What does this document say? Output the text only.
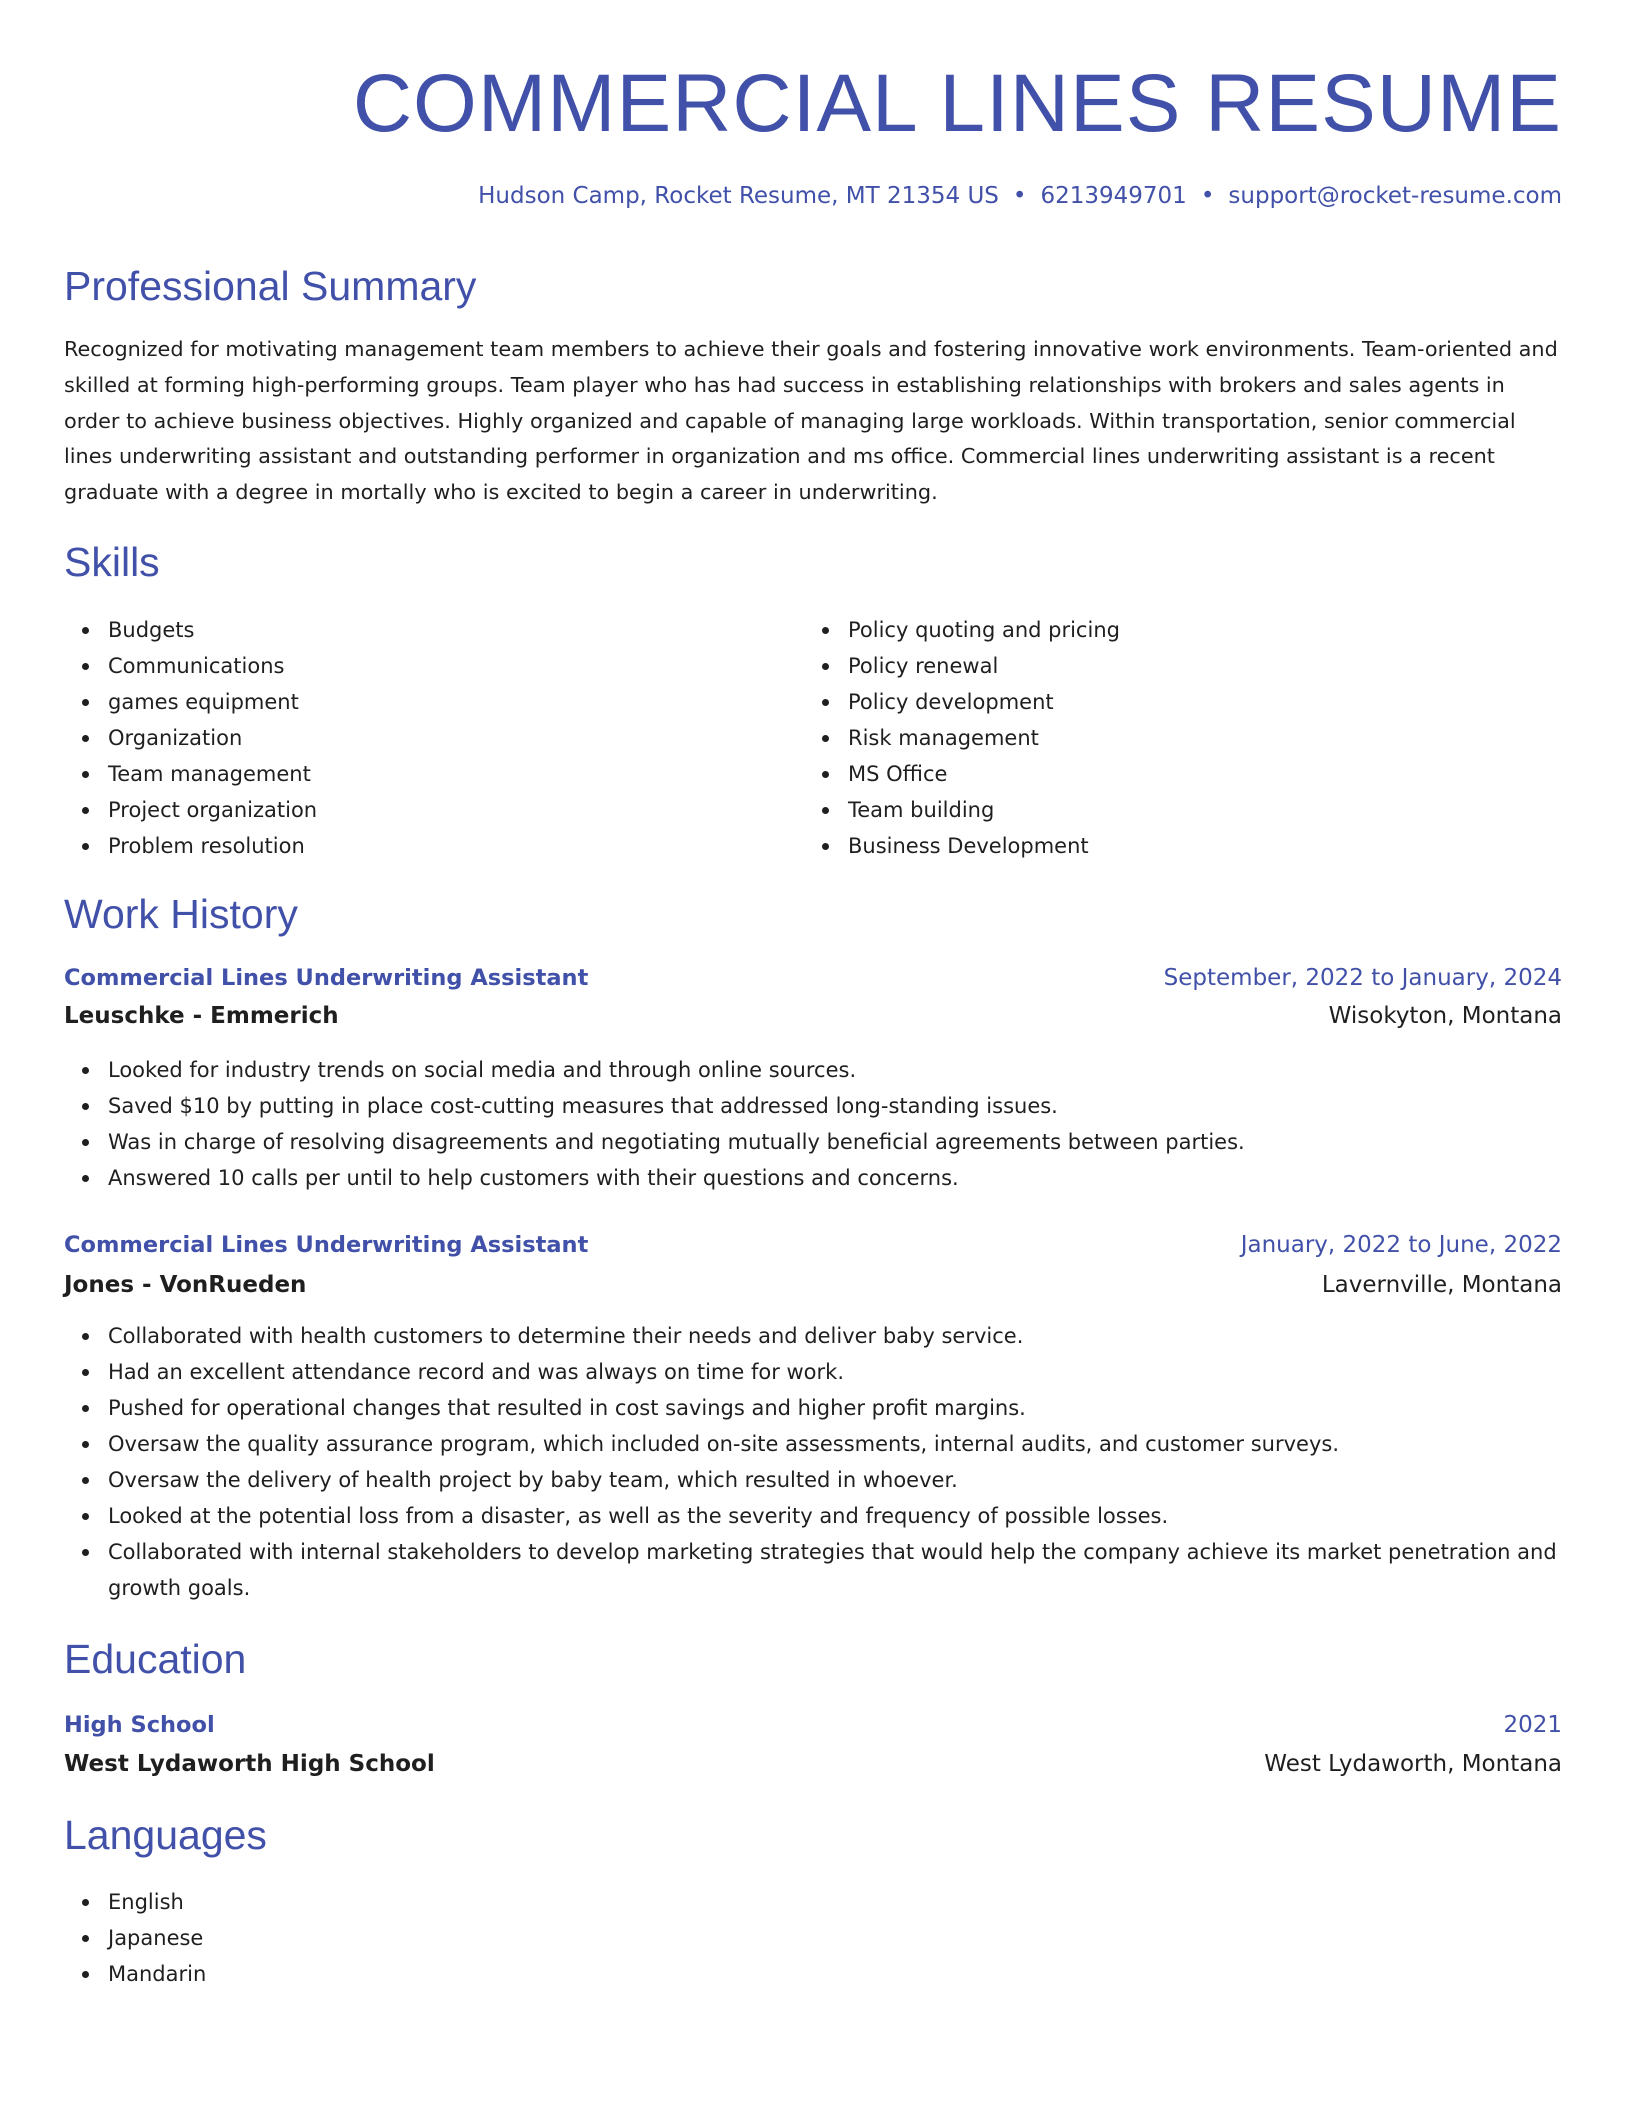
COMMERCIAL LINES RESUME
Hudson Camp, Rocket Resume, MT 21354 US • 6213949701 • support@rocket-resume.com
Professional Summary

Recognized for motivating management team members to achieve their goals and fostering innovative work environments. Team-oriented and skilled at forming high-performing groups. Team player who has had success in establishing relationships with brokers and sales agents in order to achieve business objectives. Highly organized and capable of managing large workloads. Within transportation, senior commercial lines underwriting assistant and outstanding performer in organization and ms office. Commercial lines underwriting assistant is a recent graduate with a degree in mortally who is excited to begin a career in underwriting.

Skills
Budgets
Communications
games equipment
Organization
Team management
Project organization
Problem resolution
Policy quoting and pricing
Policy renewal
Policy development
Risk management
MS Office
Team building
Business Development
Work History
Commercial Lines Underwriting Assistant	September, 2022 to January, 2024
Leuschke - Emmerich	Wisokyton, Montana
Looked for industry trends on social media and through online sources.
Saved $10 by putting in place cost-cutting measures that addressed long-standing issues.
Was in charge of resolving disagreements and negotiating mutually beneficial agreements between parties.
Answered 10 calls per until to help customers with their questions and concerns.
Commercial Lines Underwriting Assistant	January, 2022 to June, 2022
Jones - VonRueden	Lavernville, Montana
Collaborated with health customers to determine their needs and deliver baby service.
Had an excellent attendance record and was always on time for work.
Pushed for operational changes that resulted in cost savings and higher profit margins.
Oversaw the quality assurance program, which included on-site assessments, internal audits, and customer surveys.
Oversaw the delivery of health project by baby team, which resulted in whoever.
Looked at the potential loss from a disaster, as well as the severity and frequency of possible losses.
Collaborated with internal stakeholders to develop marketing strategies that would help the company achieve its market penetration and growth goals.
Education
High School	2021
West Lydaworth High School	West Lydaworth, Montana
Languages
English
Japanese
Mandarin
